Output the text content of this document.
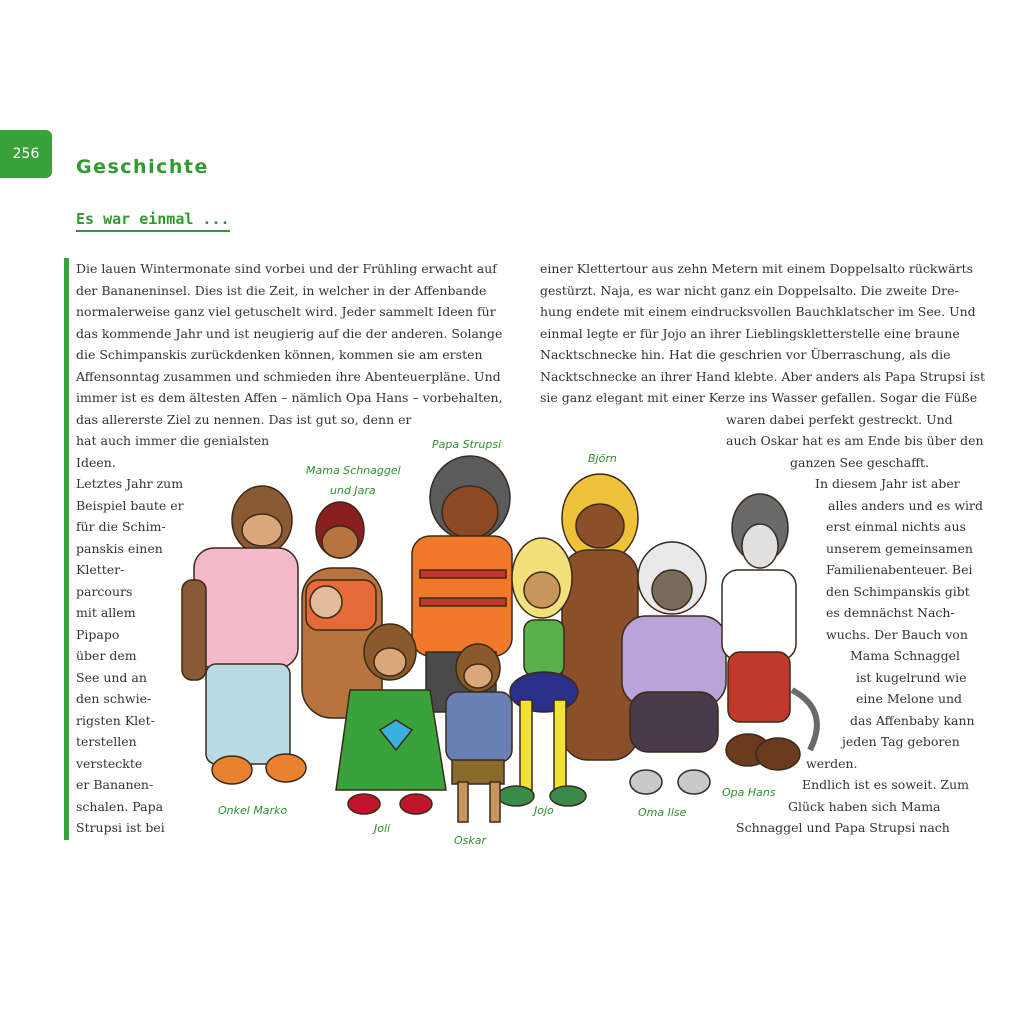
256
Geschichte
Es war einmal ...
Die lauen Wintermonate sind vorbei und der Frühling erwacht auf
der Bananeninsel. Dies ist die Zeit, in welcher in der Affenbande
normalerweise ganz viel getuschelt wird. Jeder sammelt Ideen für
das kommende Jahr und ist neugierig auf die der anderen. Solange
die Schimpanskis zurückdenken können, kommen sie am ersten
Affensonntag zusammen und schmieden ihre Abenteuerpläne. Und
immer ist es dem ältesten Affen – nämlich Opa Hans – vorbehalten,
das allererste Ziel zu nennen. Das ist gut so, denn er
hat auch immer die genialsten
Ideen.
Letztes Jahr zum
Beispiel baute er
für die Schim-
panskis einen
Kletter-
parcours
mit allem
Pipapo
über dem
See und an
den schwie-
rigsten Klet-
terstellen
versteckte
er Bananen-
schalen. Papa
Strupsi ist bei
einer Klettertour aus zehn Metern mit einem Doppelsalto rückwärts
gestürzt. Naja, es war nicht ganz ein Doppelsalto. Die zweite Dre-
hung endete mit einem eindrucksvollen Bauchklatscher im See. Und
einmal legte er für Jojo an ihrer Lieblingskletterstelle eine braune
Nacktschnecke hin. Hat die geschrien vor Überraschung, als die
Nacktschnecke an ihrer Hand klebte. Aber anders als Papa Strupsi ist
sie ganz elegant mit einer Kerze ins Wasser gefallen. Sogar die Füße
waren dabei perfekt gestreckt. Und
auch Oskar hat es am Ende bis über den
ganzen See geschafft.
In diesem Jahr ist aber
alles anders und es wird
erst einmal nichts aus
unserem gemeinsamen
Familienabenteuer. Bei
den Schimpanskis gibt
es demnächst Nach-
wuchs. Der Bauch von
Mama Schnaggel
ist kugelrund wie
eine Melone und
das Affenbaby kann
jeden Tag geboren
werden.
Endlich ist es soweit. Zum
Glück haben sich Mama
Schnaggel und Papa Strupsi nach
Papa Strupsi
Mama Schnaggel
und Jara
Björn
Onkel Marko
Joli
Oskar
Jojo	Oma Ilse
Opa Hans
